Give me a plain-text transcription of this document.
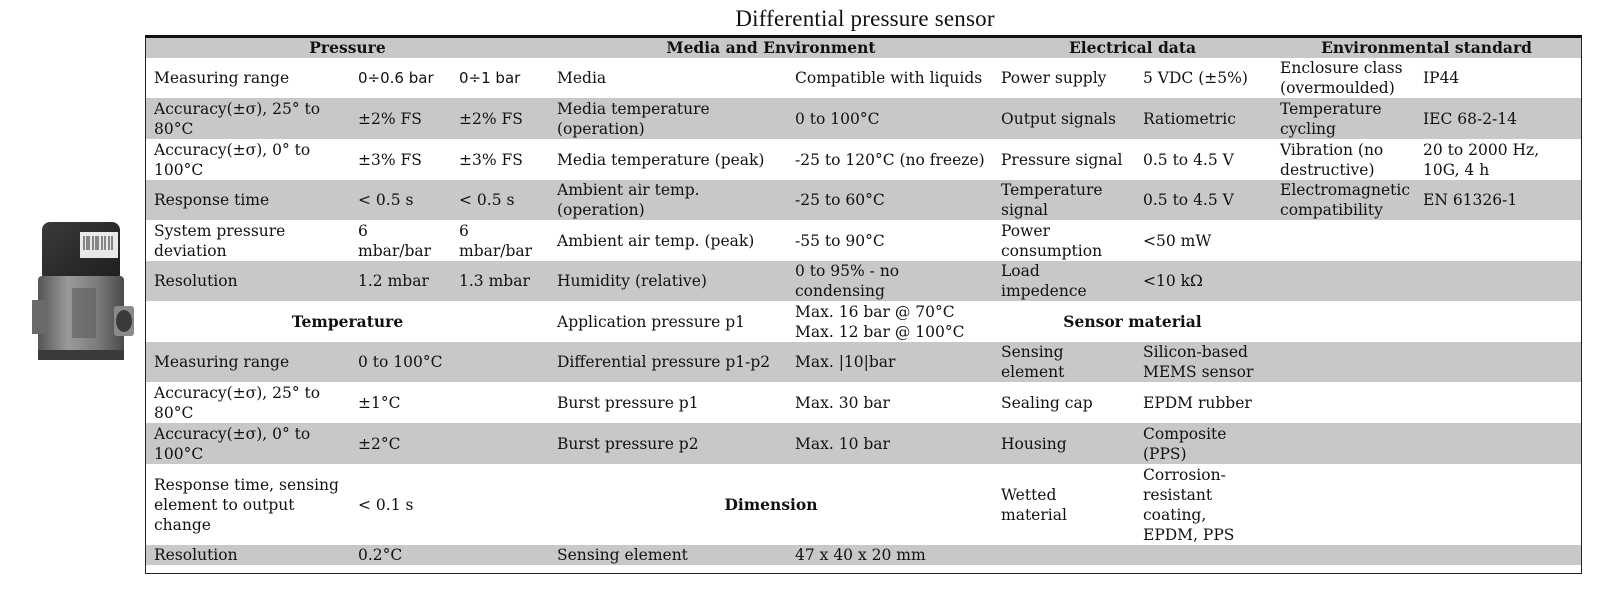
Differential pressure sensor
Pressure			Media and Environment		Electrical data		Environmental standard	
Measuring range	0÷0.6 bar	0÷1 bar	Media	Compatible with liquids	Power supply	5 VDC (±5%)	Enclosure class (overmoulded)	IP44
Accuracy(±σ), 25° to 80°C	±2% FS	±2% FS	Media temperature (operation)	0 to 100°C	Output signals	Ratiometric	Temperature cycling	IEC 68-2-14
Accuracy(±σ), 0° to 100°C	±3% FS	±3% FS	Media temperature (peak)	-25 to 120°C (no freeze)	Pressure signal	0.5 to 4.5 V	Vibration (no destructive)	20 to 2000 Hz, 10G, 4 h
Response time	< 0.5 s	< 0.5 s	Ambient air temp. (operation)	-25 to 60°C	Temperature signal	0.5 to 4.5 V	Electromagnetic compatibility	EN 61326-1
System pressure deviation	6 mbar/bar	6 mbar/bar	Ambient air temp. (peak)	-55 to 90°C	Power consumption	<50 mW		
Resolution	1.2 mbar	1.3 mbar	Humidity (relative)	0 to 95% - no condensing	Load impedence	<10 kΩ		
Temperature			Application pressure p1	Max. 16 bar @ 70°C Max. 12 bar @ 100°C	Sensor material			
Measuring range	0 to 100°C		Differential pressure p1-p2	Max. |10|bar	Sensing element	Silicon-based MEMS sensor		
Accuracy(±σ), 25° to 80°C	±1°C		Burst pressure p1	Max. 30 bar	Sealing cap	EPDM rubber		
Accuracy(±σ), 0° to 100°C	±2°C		Burst pressure p2	Max. 10 bar	Housing	Composite (PPS)		
Response time, sensing element to output change	< 0.1 s		Dimension		Wetted material	Corrosion-resistant coating, EPDM, PPS		
Resolution	0.2°C		Sensing element	47 x 40 x 20 mm				
